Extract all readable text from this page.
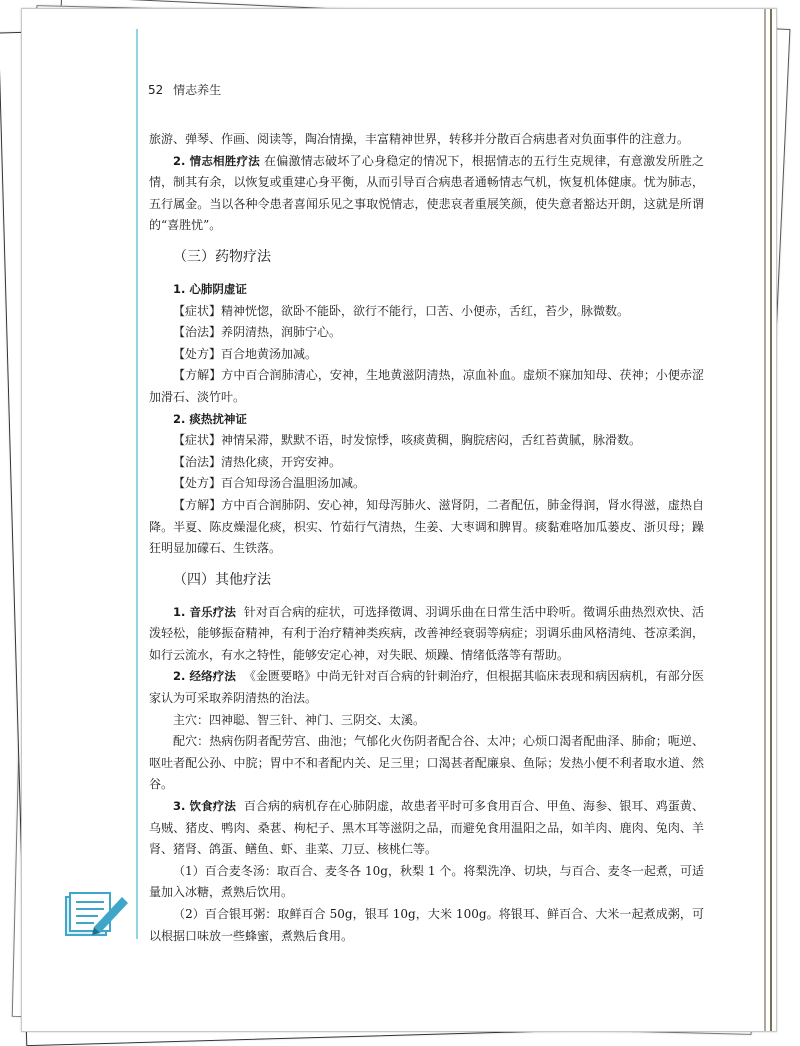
52 情志养生

旅游、弹琴、作画、阅读等，陶冶情操，丰富精神世界，转移并分散百合病患者对负面事件的注意力。

2. 情志相胜疗法 在偏激情志破坏了心身稳定的情况下，根据情志的五行生克规律，有意激发所胜之情，制其有余，以恢复或重建心身平衡，从而引导百合病患者通畅情志气机，恢复机体健康。忧为肺志，五行属金。当以各种令患者喜闻乐见之事取悦情志，使悲哀者重展笑颜，使失意者豁达开朗，这就是所谓的“喜胜忧”。

（三）药物疗法

1. 心肺阴虚证

【症状】精神恍惚，欲卧不能卧，欲行不能行，口苦、小便赤，舌红，苔少，脉微数。

【治法】养阴清热，润肺宁心。

【处方】百合地黄汤加减。

【方解】方中百合润肺清心，安神，生地黄滋阴清热，凉血补血。虚烦不寐加知母、茯神；小便赤涩加滑石、淡竹叶。

2. 痰热扰神证

【症状】神情呆滞，默默不语，时发惊悸，咳痰黄稠，胸脘痞闷，舌红苔黄腻，脉滑数。

【治法】清热化痰，开窍安神。

【处方】百合知母汤合温胆汤加减。

【方解】方中百合润肺阴、安心神，知母泻肺火、滋肾阴，二者配伍，肺金得润，肾水得滋，虚热自降。半夏、陈皮燥湿化痰，枳实、竹茹行气清热，生姜、大枣调和脾胃。痰黏难咯加瓜蒌皮、浙贝母；躁狂明显加礞石、生铁落。

（四）其他疗法

1. 音乐疗法 针对百合病的症状，可选择徵调、羽调乐曲在日常生活中聆听。徵调乐曲热烈欢快、活泼轻松，能够振奋精神，有利于治疗精神类疾病，改善神经衰弱等病症；羽调乐曲风格清纯、苍凉柔润，如行云流水，有水之特性，能够安定心神，对失眠、烦躁、情绪低落等有帮助。

2. 经络疗法 《金匮要略》中尚无针对百合病的针刺治疗，但根据其临床表现和病因病机，有部分医家认为可采取养阴清热的治法。

主穴：四神聪、智三针、神门、三阴交、太溪。

配穴：热病伤阴者配劳宫、曲池；气郁化火伤阴者配合谷、太冲；心烦口渴者配曲泽、肺俞；呃逆、呕吐者配公孙、中脘；胃中不和者配内关、足三里；口渴甚者配廉泉、鱼际；发热小便不利者取水道、然谷。

3. 饮食疗法 百合病的病机存在心肺阴虚，故患者平时可多食用百合、甲鱼、海参、银耳、鸡蛋黄、乌贼、猪皮、鸭肉、桑葚、枸杞子、黑木耳等滋阴之品，而避免食用温阳之品，如羊肉、鹿肉、兔肉、羊肾、猪肾、鸽蛋、鳝鱼、虾、韭菜、刀豆、核桃仁等。

（1）百合麦冬汤：取百合、麦冬各 10g，秋梨 1 个。将梨洗净、切块，与百合、麦冬一起煮，可适量加入冰糖，煮熟后饮用。

（2）百合银耳粥：取鲜百合 50g，银耳 10g，大米 100g。将银耳、鲜百合、大米一起煮成粥，可以根据口味放一些蜂蜜，煮熟后食用。
